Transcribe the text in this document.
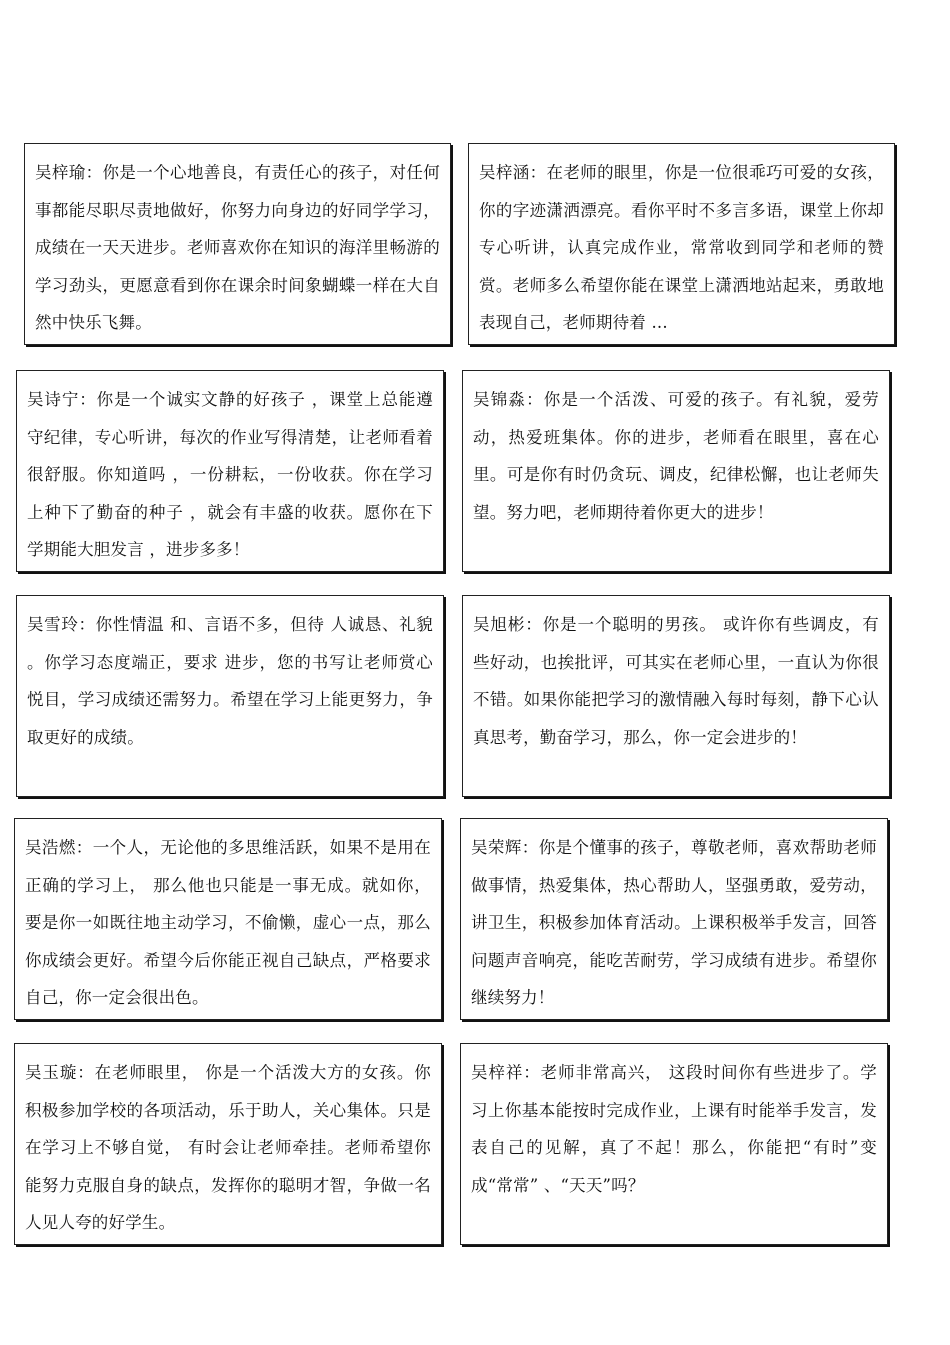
吴梓瑜：你是一个心地善良，有责任心的孩子，对任何事都能尽职尽责地做好，你努力向身边的好同学学习，成绩在一天天进步。老师喜欢你在知识的海洋里畅游的学习劲头，更愿意看到你在课余时间象蝴蝶一样在大自然中快乐飞舞。
吴梓涵：在老师的眼里，你是一位很乖巧可爱的女孩，你的字迹潇洒漂亮。看你平时不多言多语，课堂上你却专心听讲，认真完成作业，常常收到同学和老师的赞赏。老师多么希望你能在课堂上潇洒地站起来，勇敢地表现自己，老师期待着 ...
吴诗宁：你是一个诚实文静的好孩子 ，课堂上总能遵守纪律，专心听讲，每次的作业写得清楚，让老师看着很舒服。你知道吗 ，一份耕耘，一份收获。你在学习上种下了勤奋的种子 ，就会有丰盛的收获。愿你在下学期能大胆发言 ，进步多多！
吴锦淼：你是一个活泼、可爱的孩子。有礼貌，爱劳动，热爱班集体。你的进步，老师看在眼里，喜在心里。可是你有时仍贪玩、调皮，纪律松懈，也让老师失望。努力吧，老师期待着你更大的进步！
吴雪玲：你性情温 和、言语不多，但待 人诚恳、礼貌 。你学习态度端正，要求 进步，您的书写让老师赏心悦目，学习成绩还需努力。希望在学习上能更努力，争取更好的成绩。
吴旭彬：你是一个聪明的男孩。 或许你有些调皮，有些好动，也挨批评，可其实在老师心里，一直认为你很不错。如果你能把学习的激情融入每时每刻，静下心认真思考，勤奋学习，那么，你一定会进步的！
吴浩燃：一个人，无论他的多思维活跃，如果不是用在正确的学习上， 那么他也只能是一事无成。就如你，要是你一如既往地主动学习，不偷懒，虚心一点，那么你成绩会更好。希望今后你能正视自己缺点，严格要求自己，你一定会很出色。
吴荣辉：你是个懂事的孩子，尊敬老师，喜欢帮助老师做事情，热爱集体，热心帮助人，坚强勇敢，爱劳动，讲卫生，积极参加体育活动。上课积极举手发言，回答问题声音响亮，能吃苦耐劳，学习成绩有进步。希望你继续努力！
吴玉璇：在老师眼里， 你是一个活泼大方的女孩。你积极参加学校的各项活动，乐于助人，关心集体。只是在学习上不够自觉， 有时会让老师牵挂。老师希望你能努力克服自身的缺点，发挥你的聪明才智，争做一名人见人夸的好学生。
吴梓祥：老师非常高兴， 这段时间你有些进步了。学习上你基本能按时完成作业，上课有时能举手发言，发表自己的见解，真了不起！那么，你能把“有时”变成“常常” 、“天天”吗？
